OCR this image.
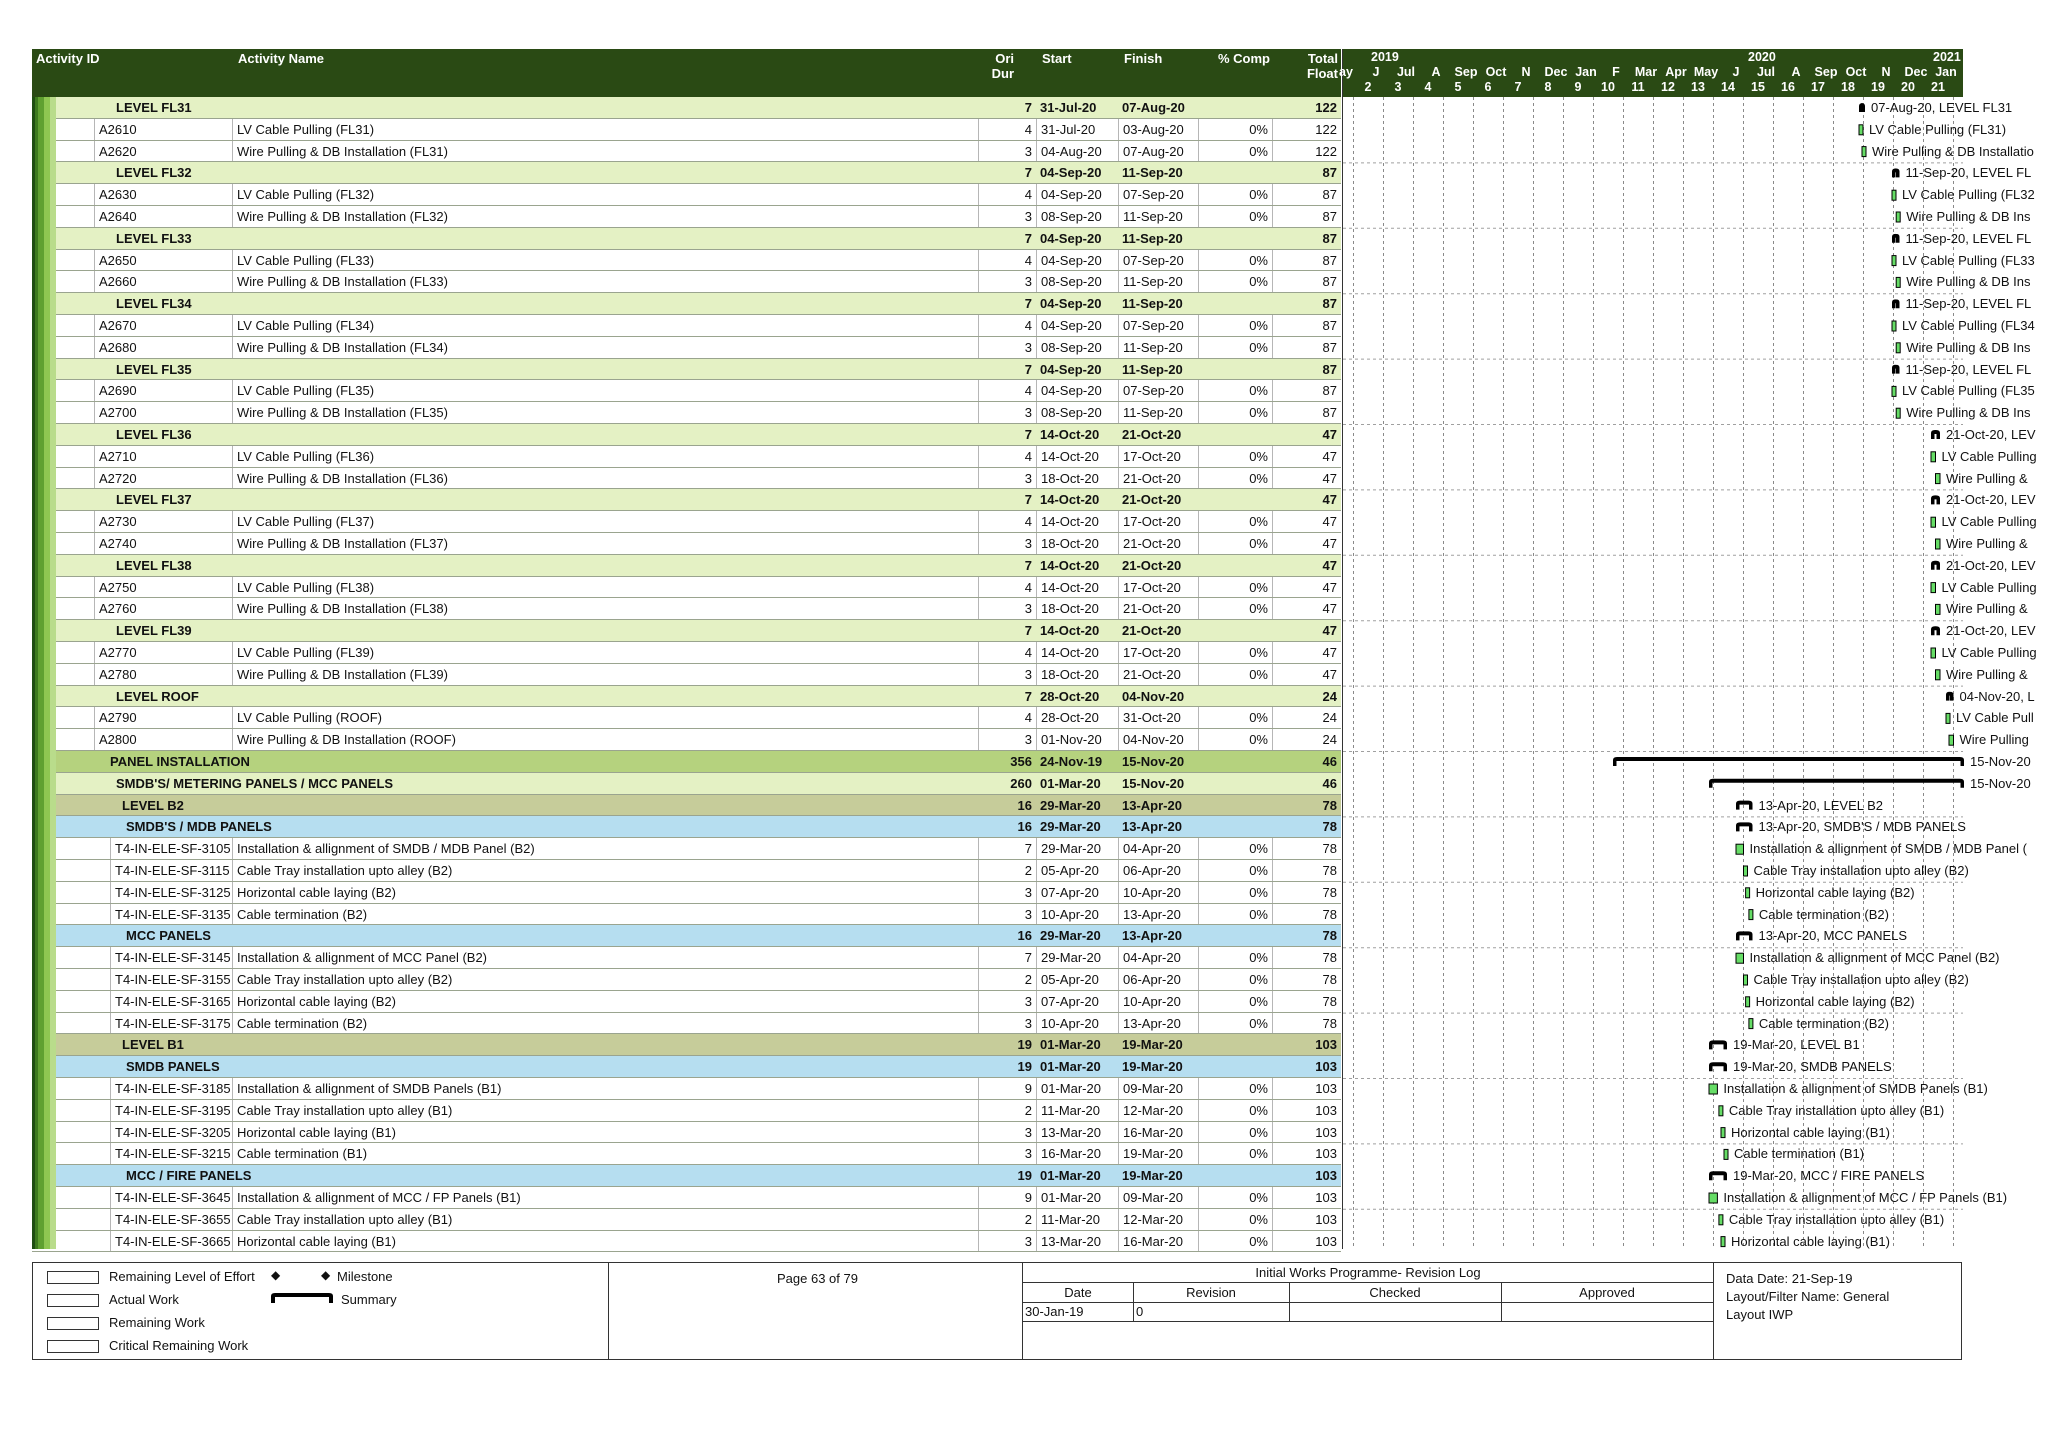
Activity ID	Activity Name	Ori
Dur
Start	Finish	% Comp	Total
Float
LEVEL FL31	7 31-Jul-20	07-Aug-20	122
A2610	LV Cable Pulling (FL31)	4 31-Jul-20	03-Aug-20	0%	122
A2620	Wire Pulling & DB Installation (FL31)	3 04-Aug-20	07-Aug-20	0%	122
LEVEL FL32	7 04-Sep-20	11-Sep-20	87
A2630	LV Cable Pulling (FL32)	4 04-Sep-20	07-Sep-20	0%	87
A2640	Wire Pulling & DB Installation (FL32)	3 08-Sep-20	11-Sep-20	0%	87
LEVEL FL33	7 04-Sep-20	11-Sep-20	87
A2650	LV Cable Pulling (FL33)	4 04-Sep-20	07-Sep-20	0%	87
A2660	Wire Pulling & DB Installation (FL33)	3 08-Sep-20	11-Sep-20	0%	87
LEVEL FL34	7 04-Sep-20	11-Sep-20	87
A2670	LV Cable Pulling (FL34)	4 04-Sep-20	07-Sep-20	0%	87
A2680	Wire Pulling & DB Installation (FL34)	3 08-Sep-20	11-Sep-20	0%	87
LEVEL FL35	7 04-Sep-20	11-Sep-20	87
A2690	LV Cable Pulling (FL35)	4 04-Sep-20	07-Sep-20	0%	87
A2700	Wire Pulling & DB Installation (FL35)	3 08-Sep-20	11-Sep-20	0%	87
LEVEL FL36	7 14-Oct-20	21-Oct-20	47
A2710	LV Cable Pulling (FL36)	4 14-Oct-20	17-Oct-20	0%	47
A2720	Wire Pulling & DB Installation (FL36)	3 18-Oct-20	21-Oct-20	0%	47
LEVEL FL37	7 14-Oct-20	21-Oct-20	47
A2730	LV Cable Pulling (FL37)	4 14-Oct-20	17-Oct-20	0%	47
A2740	Wire Pulling & DB Installation (FL37)	3 18-Oct-20	21-Oct-20	0%	47
LEVEL FL38	7 14-Oct-20	21-Oct-20	47
A2750	LV Cable Pulling (FL38)	4 14-Oct-20	17-Oct-20	0%	47
A2760	Wire Pulling & DB Installation (FL38)	3 18-Oct-20	21-Oct-20	0%	47
LEVEL FL39	7 14-Oct-20	21-Oct-20	47
A2770	LV Cable Pulling (FL39)	4 14-Oct-20	17-Oct-20	0%	47
A2780	Wire Pulling & DB Installation (FL39)	3 18-Oct-20	21-Oct-20	0%	47
LEVEL ROOF	7 28-Oct-20	04-Nov-20	24
A2790	LV Cable Pulling (ROOF)	4 28-Oct-20	31-Oct-20	0%	24
A2800	Wire Pulling & DB Installation (ROOF)	3 01-Nov-20	04-Nov-20	0%	24
PANEL INSTALLATION	356 24-Nov-19	15-Nov-20	46
SMDB'S/ METERING PANELS / MCC PANELS	260 01-Mar-20	15-Nov-20	46
LEVEL B2	16 29-Mar-20	13-Apr-20	78
SMDB'S / MDB PANELS	16 29-Mar-20	13-Apr-20	78
T4-IN-ELE-SF-3105 Installation & allignment of SMDB / MDB Panel (B2)	7 29-Mar-20	04-Apr-20	0%	78
T4-IN-ELE-SF-3115 Cable Tray installation upto alley (B2)	2 05-Apr-20	06-Apr-20	0%	78
T4-IN-ELE-SF-3125 Horizontal cable laying (B2)	3 07-Apr-20	10-Apr-20	0%	78
T4-IN-ELE-SF-3135 Cable termination (B2)	3 10-Apr-20	13-Apr-20	0%	78
MCC PANELS	16 29-Mar-20	13-Apr-20	78
T4-IN-ELE-SF-3145 Installation & allignment of MCC Panel (B2)	7 29-Mar-20	04-Apr-20	0%	78
T4-IN-ELE-SF-3155 Cable Tray installation upto alley (B2)	2 05-Apr-20	06-Apr-20	0%	78
T4-IN-ELE-SF-3165 Horizontal cable laying (B2)	3 07-Apr-20	10-Apr-20	0%	78
T4-IN-ELE-SF-3175 Cable termination (B2)	3 10-Apr-20	13-Apr-20	0%	78
LEVEL B1	19 01-Mar-20	19-Mar-20	103
SMDB PANELS	19 01-Mar-20	19-Mar-20	103
T4-IN-ELE-SF-3185 Installation & allignment of SMDB Panels (B1)	9 01-Mar-20	09-Mar-20	0%	103
T4-IN-ELE-SF-3195 Cable Tray installation upto alley (B1)	2 11-Mar-20	12-Mar-20	0%	103
T4-IN-ELE-SF-3205 Horizontal cable laying (B1)	3 13-Mar-20	16-Mar-20	0%	103
T4-IN-ELE-SF-3215 Cable termination (B1)	3 16-Mar-20	19-Mar-20	0%	103
MCC / FIRE PANELS	19 01-Mar-20	19-Mar-20	103
T4-IN-ELE-SF-3645 Installation & allignment of MCC / FP Panels (B1)	9 01-Mar-20	09-Mar-20	0%	103
T4-IN-ELE-SF-3655 Cable Tray installation upto alley (B1)	2 11-Mar-20	12-Mar-20	0%	103
T4-IN-ELE-SF-3665 Horizontal cable laying (B1)	3 13-Mar-20	16-Mar-20	0%	103
2019	2020	2021
ay	J	Jul	A	Sep Oct	N	Dec Jan	F	Mar Apr May	J	Jul	A	Sep Oct	N	Dec Jan
2	3	4	5	6	7	8	9	10	11	12	13	14	15	16	17	18	19	20	21
07-Aug-20, LEVEL FL31
LV Cable Pulling (FL31)
Wire Pulling & DB Installatio
11-Sep-20, LEVEL FL
LV Cable Pulling (FL32
Wire Pulling & DB Ins
11-Sep-20, LEVEL FL
LV Cable Pulling (FL33
Wire Pulling & DB Ins
11-Sep-20, LEVEL FL
LV Cable Pulling (FL34
Wire Pulling & DB Ins
11-Sep-20, LEVEL FL
LV Cable Pulling (FL35
Wire Pulling & DB Ins
21-Oct-20, LEV
LV Cable Pulling
Wire Pulling &
21-Oct-20, LEV
LV Cable Pulling
Wire Pulling &
21-Oct-20, LEV
LV Cable Pulling
Wire Pulling &
21-Oct-20, LEV
LV Cable Pulling
Wire Pulling &
04-Nov-20, L
LV Cable Pull
Wire Pulling
15-Nov-20
15-Nov-20
13-Apr-20, LEVEL B2
13-Apr-20, SMDB'S / MDB PANELS
Installation & allignment of SMDB / MDB Panel (
Cable Tray installation upto alley (B2)
Horizontal cable laying (B2)
Cable termination (B2)
13-Apr-20, MCC PANELS
Installation & allignment of MCC Panel (B2)
Cable Tray installation upto alley (B2)
Horizontal cable laying (B2)
Cable termination (B2)
19-Mar-20, LEVEL B1
19-Mar-20, SMDB PANELS
Installation & allignment of SMDB Panels (B1)
Cable Tray installation upto alley (B1)
Horizontal cable laying (B1)
Cable termination (B1)
19-Mar-20, MCC / FIRE PANELS
Installation & allignment of MCC / FP Panels (B1)
Cable Tray installation upto alley (B1)
Horizontal cable laying (B1)
Remaining Level of Effort
Actual Work
Remaining Work
Critical Remaining Work
◆	◆ Milestone
Summary
Page 63 of 79	Initial Works Programme- Revision Log
Date	Revision	Checked	Approved
30-Jan-19	0
Data Date: 21-Sep-19
Layout/Filter Name: General
Layout IWP
